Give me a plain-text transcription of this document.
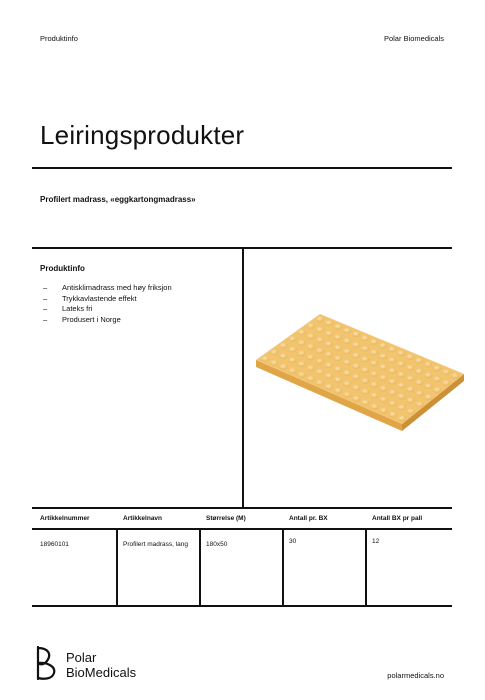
Produktinfo	Polar Biomedicals
Leiringsprodukter
Profilert madrass, «eggkartongmadrass»
Produktinfo
– Antisklimadrass med høy friksjon
– Trykkavlastende effekt
– Lateks fri
– Produsert i Norge
Artikkelnummer	Artikkelnavn	Størrelse (M)	Antall pr. BX	Antall BX pr pall
18960101	Profilert madrass, lang	180x50	30	12
Polar
BioMedicals	polarmedicals.no
